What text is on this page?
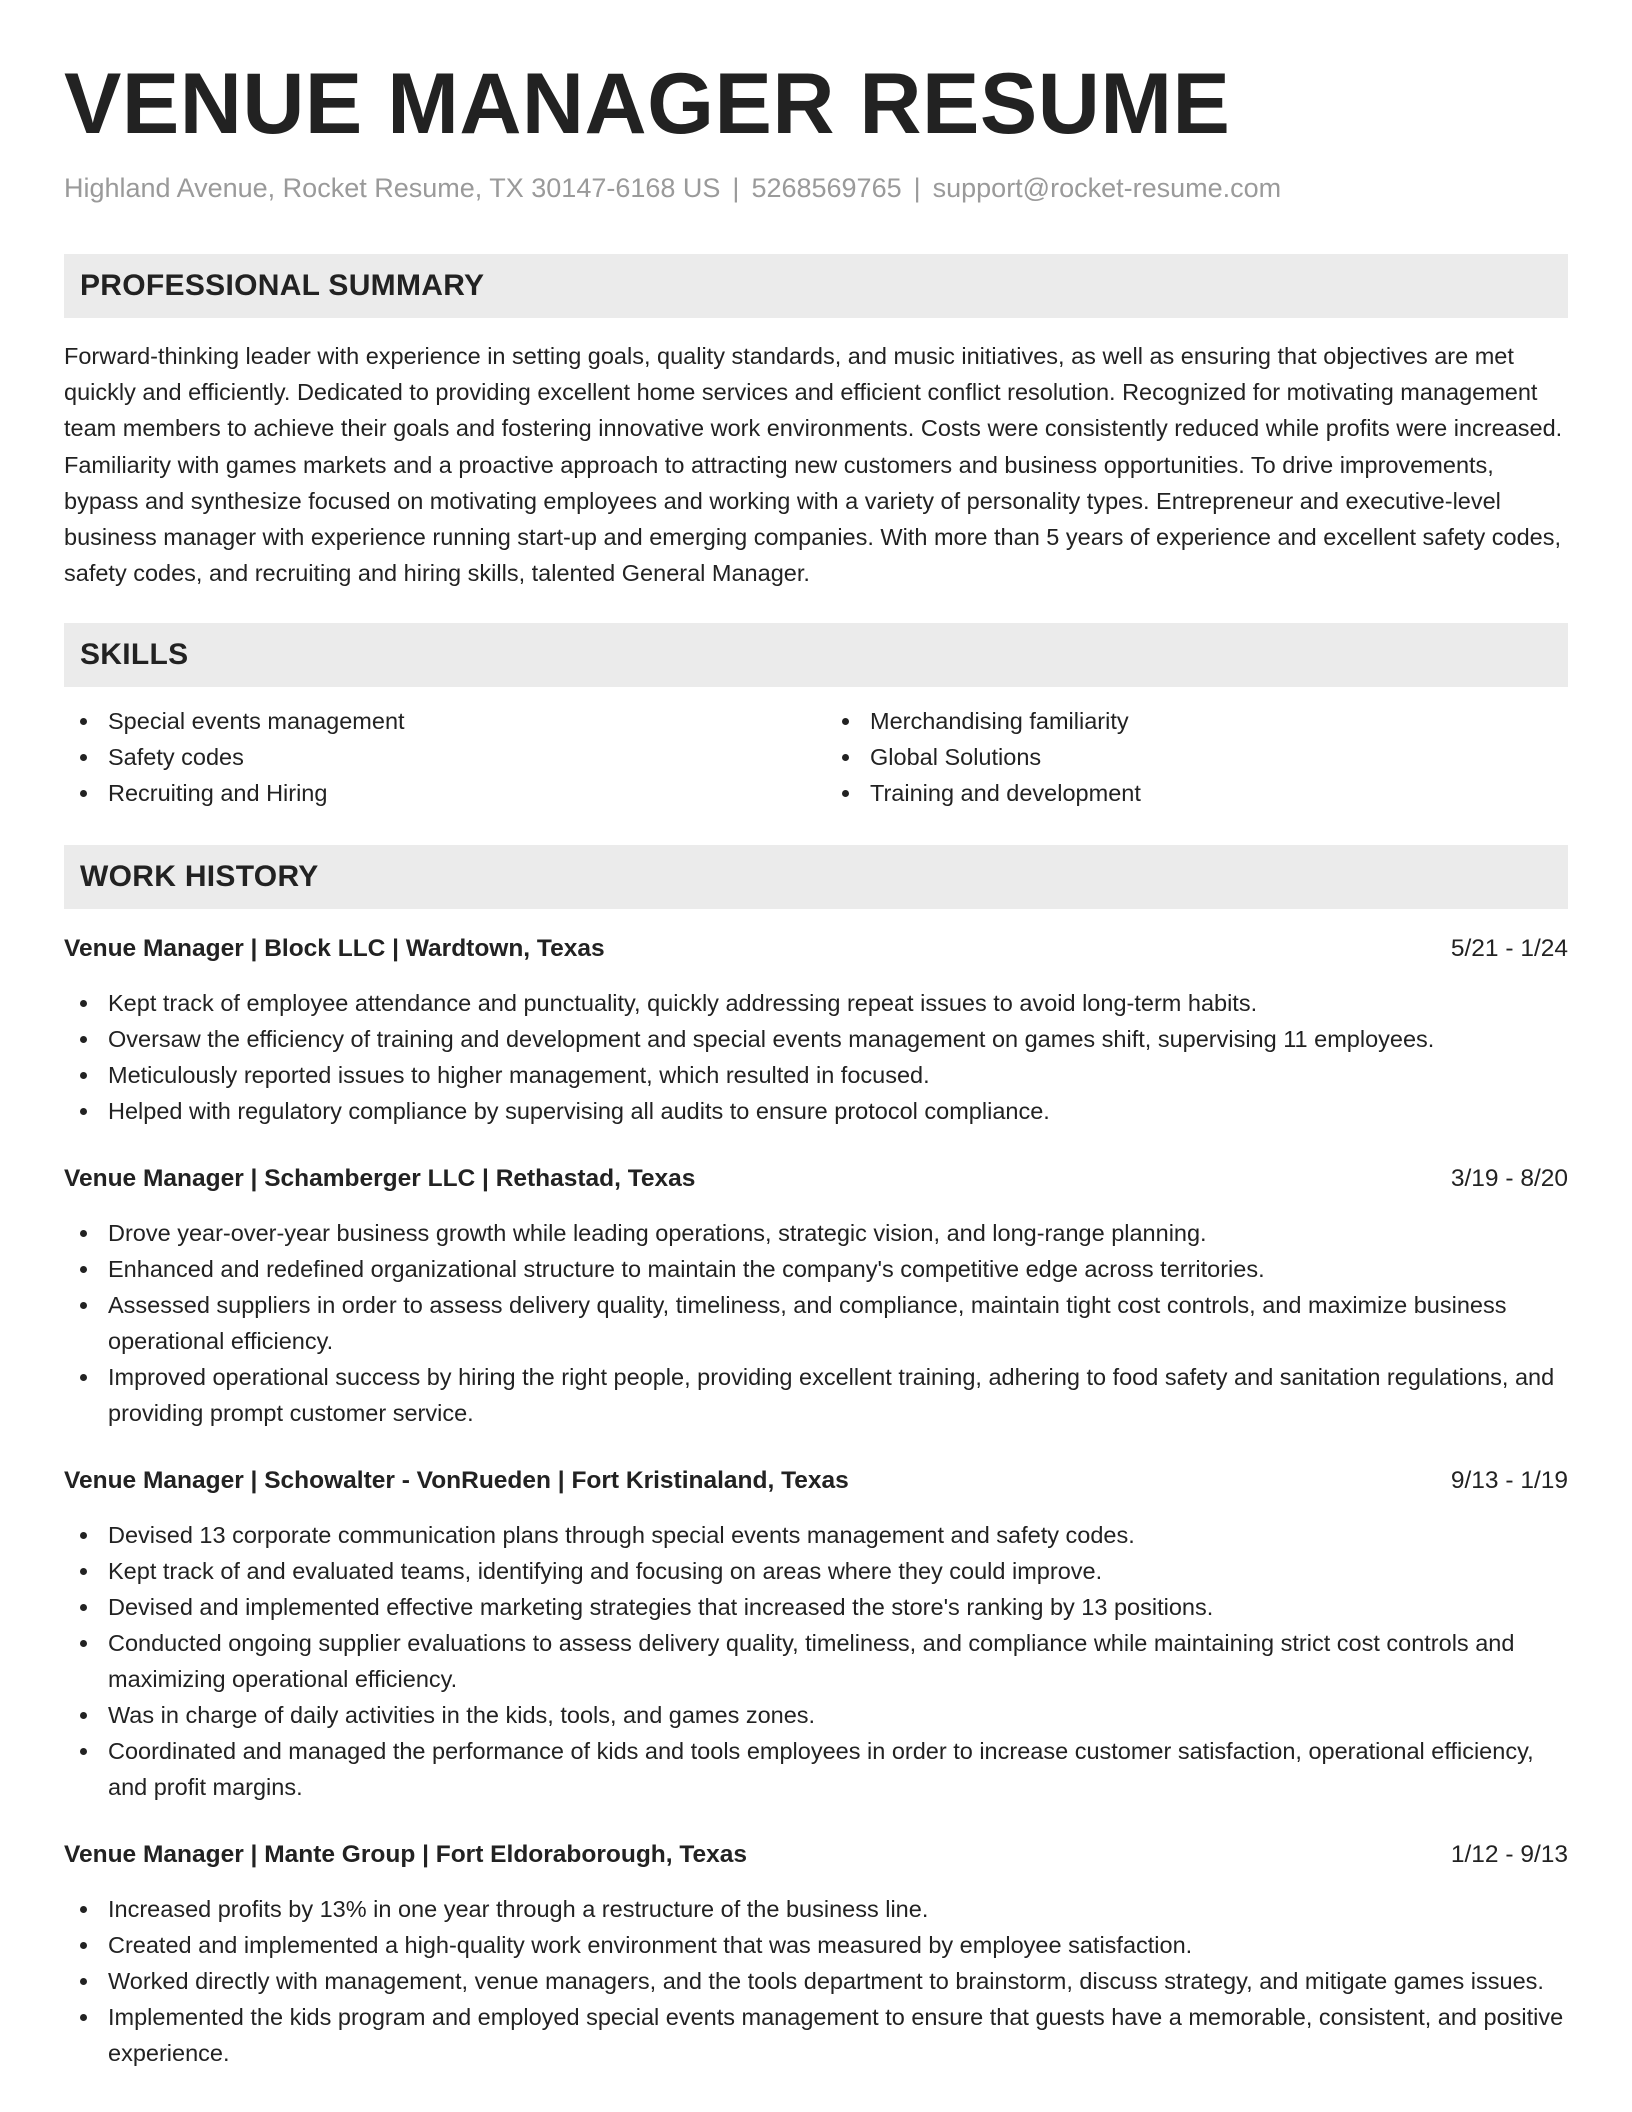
VENUE MANAGER RESUME
Highland Avenue, Rocket Resume, TX 30147-6168 US | 5268569765 | support@rocket-resume.com
PROFESSIONAL SUMMARY

Forward-thinking leader with experience in setting goals, quality standards, and music initiatives, as well as ensuring that objectives are met quickly and efficiently. Dedicated to providing excellent home services and efficient conflict resolution. Recognized for motivating management team members to achieve their goals and fostering innovative work environments. Costs were consistently reduced while profits were increased. Familiarity with games markets and a proactive approach to attracting new customers and business opportunities. To drive improvements, bypass and synthesize focused on motivating employees and working with a variety of personality types. Entrepreneur and executive-level business manager with experience running start-up and emerging companies. With more than 5 years of experience and excellent safety codes, safety codes, and recruiting and hiring skills, talented General Manager.

SKILLS
Special events management
Safety codes
Recruiting and Hiring
Merchandising familiarity
Global Solutions
Training and development
WORK HISTORY
Venue Manager | Block LLC | Wardtown, Texas	5/21 - 1/24
Kept track of employee attendance and punctuality, quickly addressing repeat issues to avoid long-term habits.
Oversaw the efficiency of training and development and special events management on games shift, supervising 11 employees.
Meticulously reported issues to higher management, which resulted in focused.
Helped with regulatory compliance by supervising all audits to ensure protocol compliance.
Venue Manager | Schamberger LLC | Rethastad, Texas	3/19 - 8/20
Drove year-over-year business growth while leading operations, strategic vision, and long-range planning.
Enhanced and redefined organizational structure to maintain the company's competitive edge across territories.
Assessed suppliers in order to assess delivery quality, timeliness, and compliance, maintain tight cost controls, and maximize business operational efficiency.
Improved operational success by hiring the right people, providing excellent training, adhering to food safety and sanitation regulations, and providing prompt customer service.
Venue Manager | Schowalter - VonRueden | Fort Kristinaland, Texas	9/13 - 1/19
Devised 13 corporate communication plans through special events management and safety codes.
Kept track of and evaluated teams, identifying and focusing on areas where they could improve.
Devised and implemented effective marketing strategies that increased the store's ranking by 13 positions.
Conducted ongoing supplier evaluations to assess delivery quality, timeliness, and compliance while maintaining strict cost controls and maximizing operational efficiency.
Was in charge of daily activities in the kids, tools, and games zones.
Coordinated and managed the performance of kids and tools employees in order to increase customer satisfaction, operational efficiency, and profit margins.
Venue Manager | Mante Group | Fort Eldoraborough, Texas	1/12 - 9/13
Increased profits by 13% in one year through a restructure of the business line.
Created and implemented a high-quality work environment that was measured by employee satisfaction.
Worked directly with management, venue managers, and the tools department to brainstorm, discuss strategy, and mitigate games issues.
Implemented the kids program and employed special events management to ensure that guests have a memorable, consistent, and positive experience.
